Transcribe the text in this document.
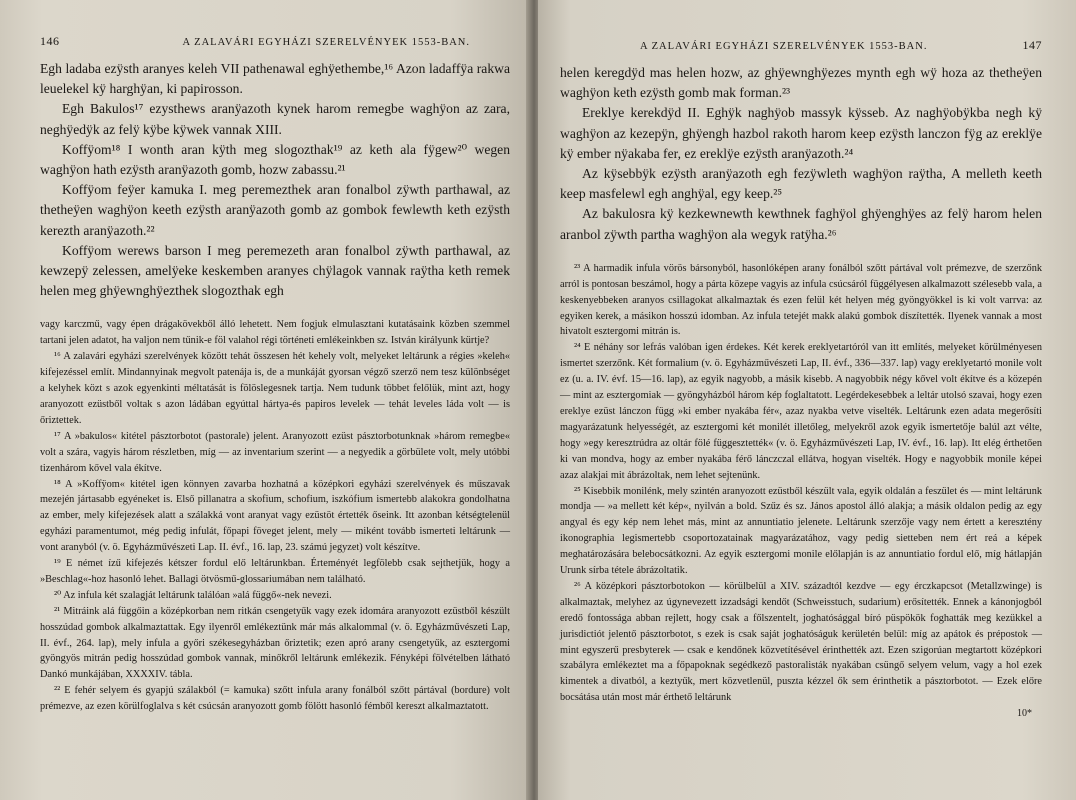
146	A ZALAVÁRI EGYHÁZI SZERELVÉNYEK 1553-BAN.

Egh ladaba ezÿsth aranyes keleh VII pathenawal eghÿethembe,¹⁶ Azon ladaffÿa rakwa leuelekel kÿ harghÿan, ki papirosson.

Egh Bakulos¹⁷ ezysthews aranÿazoth kynek harom remegbe waghÿon az zara, neghÿedÿk az felÿ kÿbe kÿwek vannak XIII.

Koffÿom¹⁸ I wonth aran kÿth meg slogozthak¹⁹ az keth ala fÿgew²⁰ wegen waghÿon hath ezÿsth aranÿazoth gomb, hozw zabassu.²¹

Koffÿom feÿer kamuka I. meg peremezthek aran fonalbol zÿwth parthawal, az thetheÿen waghÿon keeth ezÿsth aranÿazoth gomb az gombok fewlewth keth ezÿsth kerezth aranÿazoth.²²

Koffÿom werews barson I meg peremezeth aran fonalbol zÿwth parthawal, az kewzepÿ zelessen, amelÿeke keskemben aranyes chÿlagok vannak raÿtha keth remek helen meg ghÿewnghÿezthek slogozthak egh

vagy karczmű, vagy épen drágakövekből álló lehetett. Nem fogjuk elmulasztani kutatásaink közben szemmel tartani jelen adatot, ha valjon nem tűnik-e föl valahol régi történeti emlékeinkben sz. István királyunk kürtje?

¹⁶ A zalavári egyházi szerelvények között tehát összesen hét kehely volt, melyeket leltárunk a régies »keleh« kifejezéssel említ. Mindannyinak megvolt patenája is, de a munkáját gyorsan végző szerző nem tesz különbséget a kelyhek közt s azok egyenkinti méltatását is fölöslegesnek tartja. Nem tudunk többet felőlük, mint azt, hogy aranyozott ezüstből voltak s azon ládában egyúttal hártya-és papiros levelek — tehát leveles láda volt — is őriztettek.

¹⁷ A »bakulos« kitétel pásztorbotot (pastorale) jelent. Aranyozott ezüst pásztorbotunknak »három remegbe« volt a szára, vagyis három részletben, míg — az inventarium szerint — a negyedik a görbülete volt, mely utóbbi tizenhárom kővel vala ékítve.

¹⁸ A »Koffÿom« kitétel igen könnyen zavarba hozhatná a középkori egyházi szerelvények és műszavak mezején jártasabb egyéneket is. Első pillanatra a skofium, schofium, iszkófium ismertebb alakokra gondolhatna az ember, mely kifejezések alatt a szálakká vont aranyat vagy ezüstöt értették őseink. Itt azonban kétségtelenül egyházi paramentumot, még pedig infulát, főpapi föveget jelent, mely — miként tovább ismerteti leltárunk — vont aranyból (v. ö. Egyházművészeti Lap. II. évf., 16. lap, 23. számú jegyzet) volt készítve.

¹⁹ E német ízű kifejezés kétszer fordul elő leltárunkban. Érteményét legfölebb csak sejthetjük, hogy a »Beschlag«-hoz hasonló lehet. Ballagi ötvösmű-glossariumában nem található.

²⁰ Az infula két szalagját leltárunk találóan »alá függő«-nek nevezi.

²¹ Mitráink alá függőin a középkorban nem ritkán csengetyűk vagy ezek idomára aranyozott ezüstből készült hosszúdad gombok alkalmaztattak. Egy ilyenről emlékeztünk már más alkalommal (v. ö. Egyházművészeti Lap, II. évf., 264. lap), mely infula a győri székesegyházban őriztetik; ezen apró arany csengetyűk, az esztergomi gyöngyös mitrán pedig hosszúdad gombok vannak, minőkről leltárunk emlékezik. Fényképi fölvételben látható Dankó munkájában, XXXXIV. tábla.

²² E fehér selyem és gyapjú szálakból (= kamuka) szőtt infula arany fonálból szőtt pártával (bordure) volt prémezve, az ezen körülfoglalva s két csúcsán aranyozott gomb fölött hasonló fémből kereszt alkalmaztatott.

A ZALAVÁRI EGYHÁZI SZERELVÉNYEK 1553-BAN.	147

helen keregdÿd mas helen hozw, az ghÿewnghÿezes mynth egh wÿ hoza az thetheÿen waghÿon keth ezÿsth gomb mak forman.²³

Ereklye kerekdÿd II. Eghÿk naghÿob massyk kÿsseb. Az naghÿobÿkba negh kÿ waghÿon az kezepÿn, ghÿengh hazbol rakoth harom keep ezÿsth lanczon fÿg az ereklÿe kÿ ember nÿakaba fer, ez ereklÿe ezÿsth aranÿazoth.²⁴

Az kÿsebbÿk ezÿsth aranÿazoth egh fezÿwleth waghÿon raÿtha, A melleth keeth keep masfelewl egh anghÿal, egy keep.²⁵

Az bakulosra kÿ kezkewnewth kewthnek faghÿol ghÿenghÿes az felÿ harom helen aranbol zÿwth partha waghÿon ala wegyk ratÿha.²⁶

²³ A harmadik infula vörös bársonyból, hasonlóképen arany fonálból szőtt pártával volt prémezve, de szerzőnk arról is pontosan beszámol, hogy a párta közepe vagyis az infula csúcsáról függélyesen alkalmazott szélesebb vala, a keskenyebbeken aranyos csillagokat alkalmaztak és ezen felül két helyen még gyöngyökkel is ki volt varrva: az egyiken kerek, a másikon hosszú idomban. Az infula tetejét makk alakú gombok díszítették. Ilyenek vannak a most hivatolt esztergomi mitrán is.

²⁴ E néhány sor lefrás valóban igen érdekes. Két kerek ereklyetartóról van itt említés, melyeket körülményesen ismertet szerzőnk. Két formalium (v. ö. Egyházművészeti Lap, II. évf., 336—337. lap) vagy ereklyetartó monile volt ez (u. a. IV. évf. 15—16. lap), az egyik nagyobb, a másik kisebb. A nagyobbik négy kővel volt ékítve és a közepén — mint az esztergomiak — gyöngyházból három kép foglaltatott. Legérdekesebbek a leltár utolsó szavai, hogy ezen ereklye ezüst lánczon függ »ki ember nyakába fér«, azaz nyakba vetve viselték. Leltárunk ezen adata megerősíti magyarázatunk helyességét, az esztergomi két monilét illetőleg, melyekről azok egyik ismertetője balúl azt vélte, hogy »egy keresztrúdra az oltár fölé függesztették« (v. ö. Egyházművészeti Lap, IV. évf., 16. lap). Itt elég érthetően ki van mondva, hogy az ember nyakába férő lánczczal ellátva, hogyan viselték. Hogy e nagyobbik monile képei azaz alakjai mit ábrázoltak, nem lehet sejtenünk.

²⁵ Kisebbik monilénk, mely szintén aranyozott ezüstből készült vala, egyik oldalán a feszület és — mint leltárunk mondja — »a mellett két kép«, nyilván a bold. Szűz és sz. János apostol álló alakja; a másik oldalon pedig az egy angyal és egy kép nem lehet más, mint az annuntiatio jelenete. Leltárunk szerzője vagy nem értett a keresztény ikonographia legismertebb csoportozatainak magyarázatához, vagy pedig sietteben nem ért reá a képek meghatározására belebocsátkozni. Az egyik esztergomi monile előlapján is az annuntiatio fordul elő, míg hátlapján Urunk sírba tétele ábrázoltatik.

²⁶ A középkori pásztorbotokon — körülbelül a XIV. századtól kezdve — egy érczkapcsot (Metallzwinge) is alkalmaztak, melyhez az úgynevezett izzadsági kendőt (Schweisstuch, sudarium) erősítették. Ennek a kánonjogból eredő fontossága abban rejlett, hogy csak a főlszentelt, joghatósággal bíró püspökök foghatták meg kezükkel a jurisdictiót jelentő pásztorbotot, s ezek is csak saját joghatóságuk kerületén belül: míg az apátok és prépostok — mint egyszerű presbyterek — csak e kendőnek közvetítésével érinthették azt. Ezen szigorúan megtartott középkori szabályra emlékeztet ma a főpapoknak segédkező pastoralisták nyakában csüngő selyem velum, vagy a hol ezek kimentek a divatból, a keztyűk, mert közvetlenül, puszta kézzel ők sem érinthetik a pásztorbotot. — Ezek előre bocsátása után most már érthető leltárunk

10*
